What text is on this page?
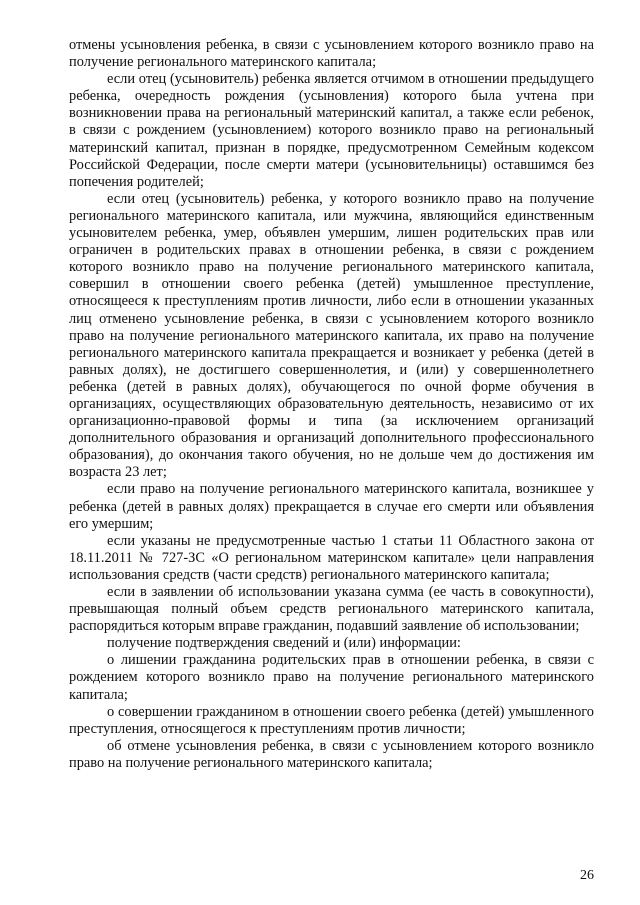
отмены усыновления ребенка, в связи с усыновлением которого возникло право на получение регионального материнского капитала;

если отец (усыновитель) ребенка является отчимом в отношении предыдущего ребенка, очередность рождения (усыновления) которого была учтена при возникновении права на региональный материнский капитал, а также если ребенок, в связи с рождением (усыновлением) которого возникло право на региональный материнский капитал, признан в порядке, предусмотренном Семейным кодексом Российской Федерации, после смерти матери (усыновительницы) оставшимся без попечения родителей;

если отец (усыновитель) ребенка, у которого возникло право на получение регионального материнского капитала, или мужчина, являющийся единственным усыновителем ребенка, умер, объявлен умершим, лишен родительских прав или ограничен в родительских правах в отношении ребенка, в связи с рождением которого возникло право на получение регионального материнского капитала, совершил в отношении своего ребенка (детей) умышленное преступление, относящееся к преступлениям против личности, либо если в отношении указанных лиц отменено усыновление ребенка, в связи с усыновлением которого возникло право на получение регионального материнского капитала, их право на получение регионального материнского капитала прекращается и возникает у ребенка (детей в равных долях), не достигшего совершеннолетия, и (или) у совершеннолетнего ребенка (детей в равных долях), обучающегося по очной форме обучения в организациях, осуществляющих образовательную деятельность, независимо от их организационно-правовой формы и типа (за исключением организаций дополнительного образования и организаций дополнительного профессионального образования), до окончания такого обучения, но не дольше чем до достижения им возраста 23 лет;

если право на получение регионального материнского капитала, возникшее у ребенка (детей в равных долях) прекращается в случае его смерти или объявления его умершим;

если указаны не предусмотренные частью 1 статьи 11 Областного закона от 18.11.2011 № 727-ЗС «О региональном материнском капитале» цели направления использования средств (части средств) регионального материнского капитала;

если в заявлении об использовании указана сумма (ее часть в совокупности), превышающая полный объем средств регионального материнского капитала, распорядиться которым вправе гражданин, подавший заявление об использовании;

получение подтверждения сведений и (или) информации:

о лишении гражданина родительских прав в отношении ребенка, в связи с рождением которого возникло право на получение регионального материнского капитала;

о совершении гражданином в отношении своего ребенка (детей) умышленного преступления, относящегося к преступлениям против личности;

об отмене усыновления ребенка, в связи с усыновлением которого возникло право на получение регионального материнского капитала;

26
